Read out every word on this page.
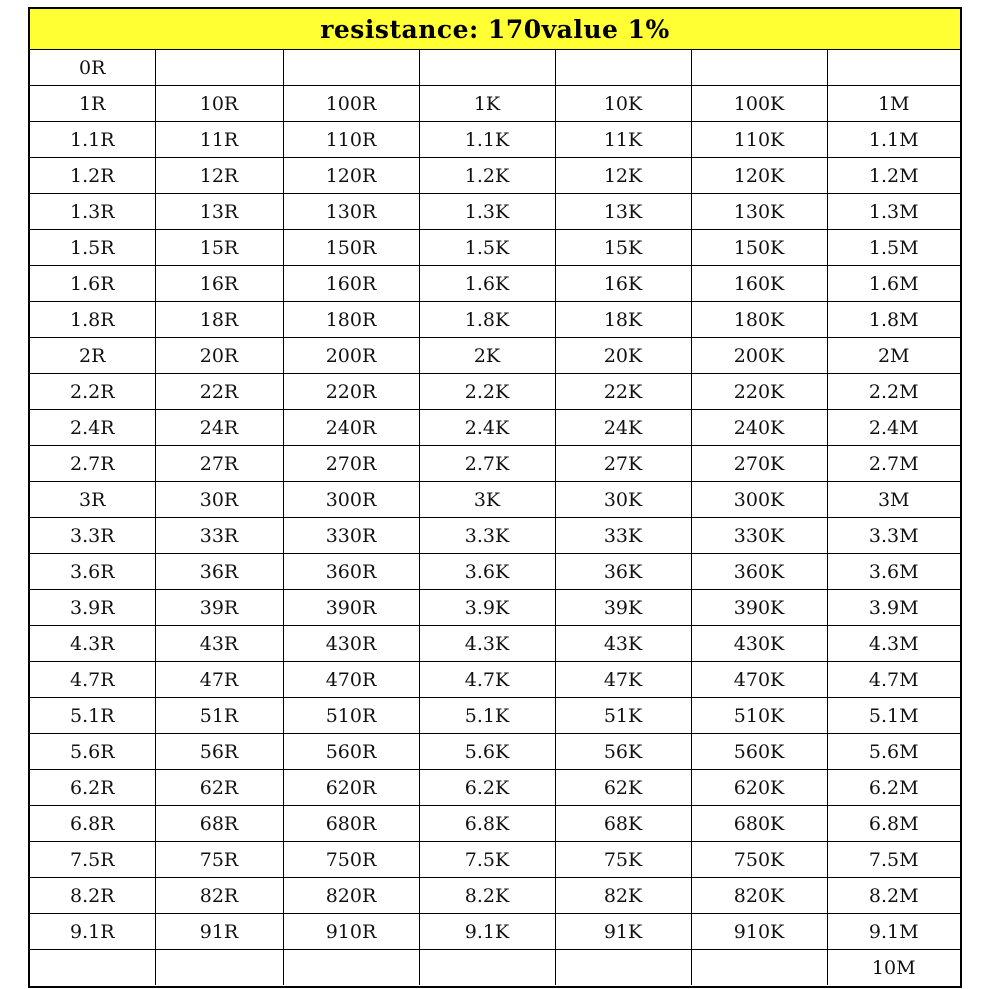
resistance: 170value 1%
0R						
1R	10R	100R	1K	10K	100K	1M
1.1R	11R	110R	1.1K	11K	110K	1.1M
1.2R	12R	120R	1.2K	12K	120K	1.2M
1.3R	13R	130R	1.3K	13K	130K	1.3M
1.5R	15R	150R	1.5K	15K	150K	1.5M
1.6R	16R	160R	1.6K	16K	160K	1.6M
1.8R	18R	180R	1.8K	18K	180K	1.8M
2R	20R	200R	2K	20K	200K	2M
2.2R	22R	220R	2.2K	22K	220K	2.2M
2.4R	24R	240R	2.4K	24K	240K	2.4M
2.7R	27R	270R	2.7K	27K	270K	2.7M
3R	30R	300R	3K	30K	300K	3M
3.3R	33R	330R	3.3K	33K	330K	3.3M
3.6R	36R	360R	3.6K	36K	360K	3.6M
3.9R	39R	390R	3.9K	39K	390K	3.9M
4.3R	43R	430R	4.3K	43K	430K	4.3M
4.7R	47R	470R	4.7K	47K	470K	4.7M
5.1R	51R	510R	5.1K	51K	510K	5.1M
5.6R	56R	560R	5.6K	56K	560K	5.6M
6.2R	62R	620R	6.2K	62K	620K	6.2M
6.8R	68R	680R	6.8K	68K	680K	6.8M
7.5R	75R	750R	7.5K	75K	750K	7.5M
8.2R	82R	820R	8.2K	82K	820K	8.2M
9.1R	91R	910R	9.1K	91K	910K	9.1M
						10M
